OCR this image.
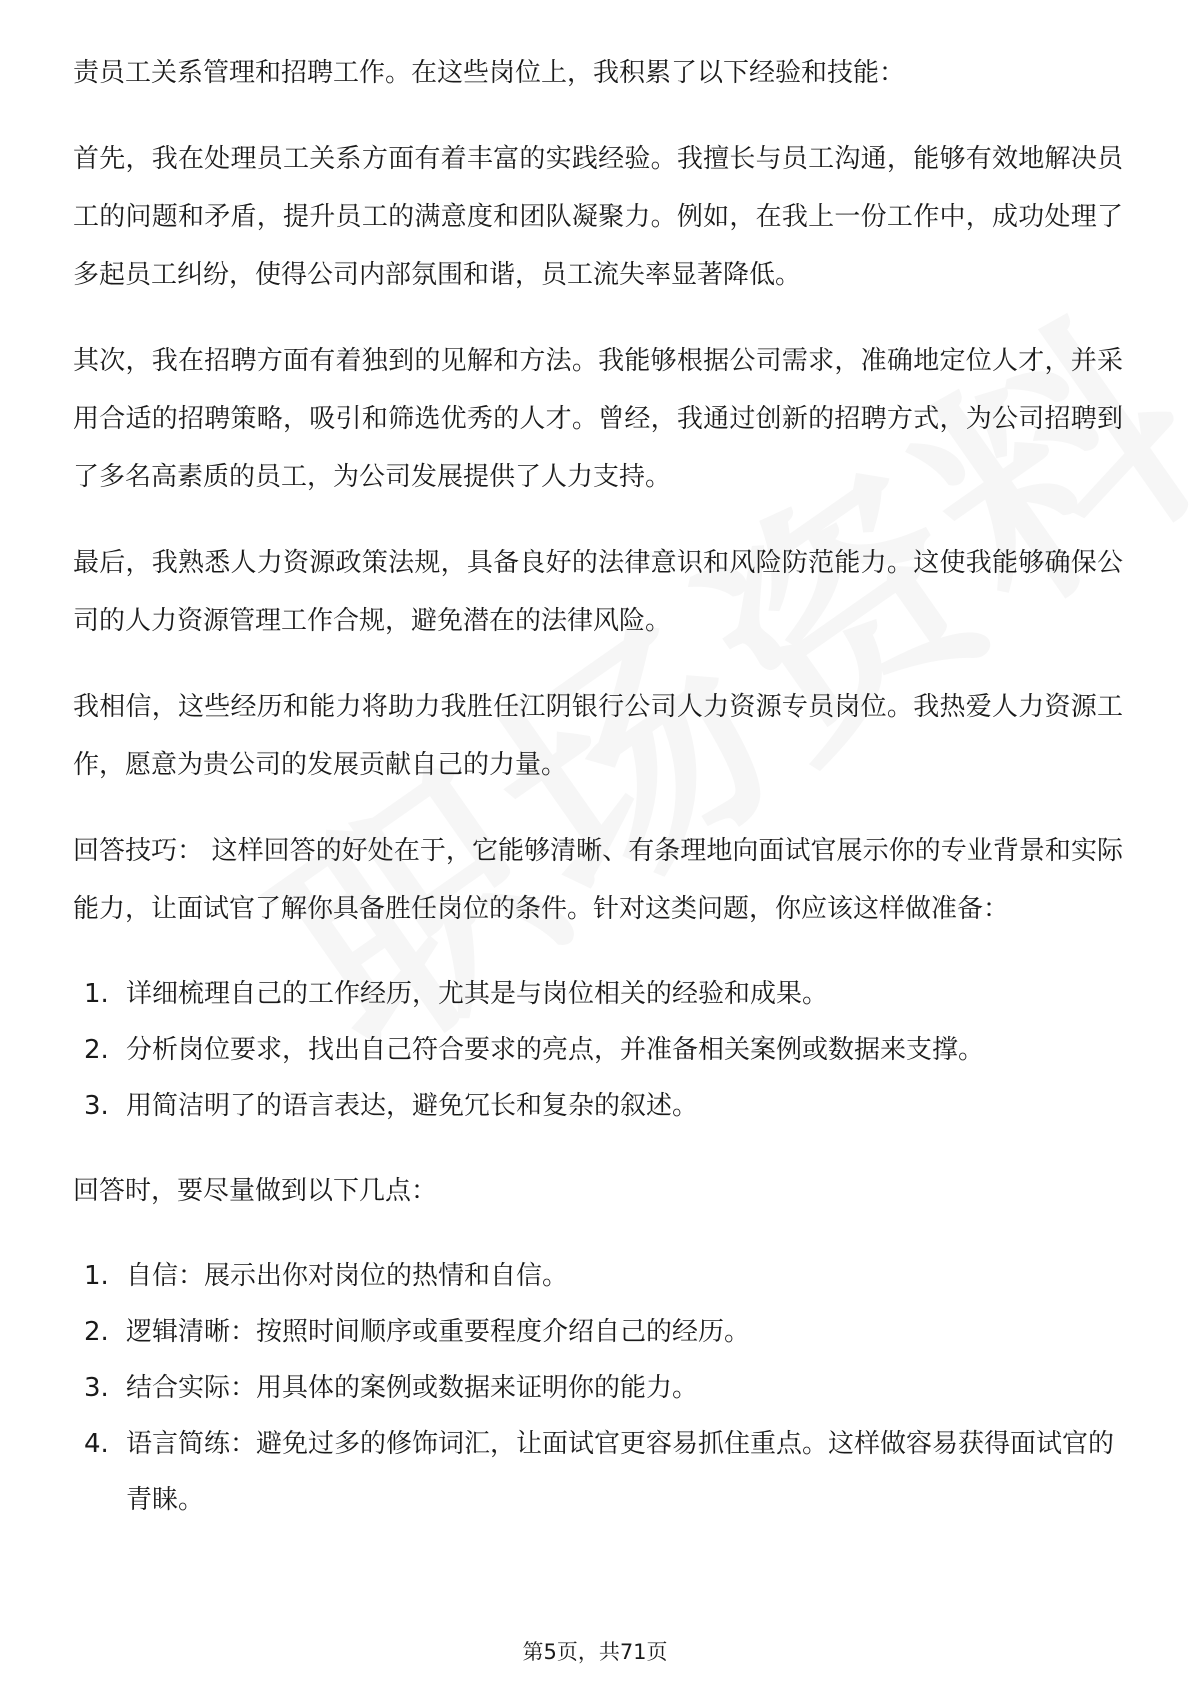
责员工关系管理和招聘工作。在这些岗位上，我积累了以下经验和技能：

首先，我在处理员工关系方面有着丰富的实践经验。我擅长与员工沟通，能够有效地解决员工的问题和矛盾，提升员工的满意度和团队凝聚力。例如，在我上一份工作中，成功处理了多起员工纠纷，使得公司内部氛围和谐，员工流失率显著降低。

其次，我在招聘方面有着独到的见解和方法。我能够根据公司需求，准确地定位人才，并采用合适的招聘策略，吸引和筛选优秀的人才。曾经，我通过创新的招聘方式，为公司招聘到了多名高素质的员工，为公司发展提供了人力支持。

最后，我熟悉人力资源政策法规，具备良好的法律意识和风险防范能力。这使我能够确保公司的人力资源管理工作合规，避免潜在的法律风险。

我相信，这些经历和能力将助力我胜任江阴银行公司人力资源专员岗位。我热爱人力资源工作，愿意为贵公司的发展贡献自己的力量。

回答技巧： 这样回答的好处在于，它能够清晰、有条理地向面试官展示你的专业背景和实际能力，让面试官了解你具备胜任岗位的条件。针对这类问题，你应该这样做准备：

1. 详细梳理自己的工作经历，尤其是与岗位相关的经验和成果。
2. 分析岗位要求，找出自己符合要求的亮点，并准备相关案例或数据来支撑。
3. 用简洁明了的语言表达，避免冗长和复杂的叙述。

回答时，要尽量做到以下几点：

1. 自信：展示出你对岗位的热情和自信。
2. 逻辑清晰：按照时间顺序或重要程度介绍自己的经历。
3. 结合实际：用具体的案例或数据来证明你的能力。
4. 语言简练：避免过多的修饰词汇，让面试官更容易抓住重点。这样做容易获得面试官的青睐。
第5页，共71页
